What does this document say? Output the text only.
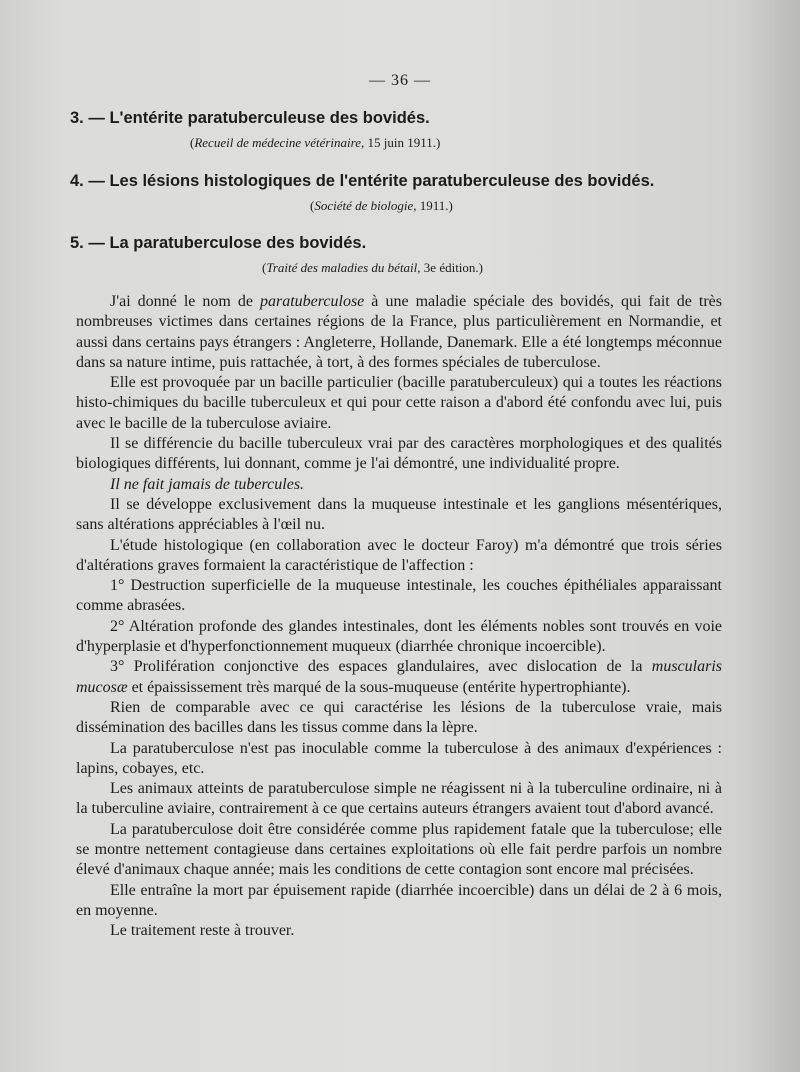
— 36 —
3. — L'entérite paratuberculeuse des bovidés.
(Recueil de médecine vétérinaire, 15 juin 1911.)
4. — Les lésions histologiques de l'entérite paratuberculeuse des bovidés.
(Société de biologie, 1911.)
5. — La paratuberculose des bovidés.
(Traité des maladies du bétail, 3e édition.)

J'ai donné le nom de paratuberculose à une maladie spéciale des bovidés, qui fait de très nombreuses victimes dans certaines régions de la France, plus particulièrement en Normandie, et aussi dans certains pays étrangers : Angleterre, Hollande, Danemark. Elle a été longtemps méconnue dans sa nature intime, puis rattachée, à tort, à des formes spéciales de tuberculose.

Elle est provoquée par un bacille particulier (bacille paratuberculeux) qui a toutes les réactions histo-chimiques du bacille tuberculeux et qui pour cette raison a d'abord été confondu avec lui, puis avec le bacille de la tuberculose aviaire.

Il se différencie du bacille tuberculeux vrai par des caractères morphologiques et des qualités biologiques différents, lui donnant, comme je l'ai démontré, une individualité propre.

Il ne fait jamais de tubercules.

Il se développe exclusivement dans la muqueuse intestinale et les ganglions mésentériques, sans altérations appréciables à l'œil nu.

L'étude histologique (en collaboration avec le docteur Faroy) m'a démontré que trois séries d'altérations graves formaient la caractéristique de l'affection :

1° Destruction superficielle de la muqueuse intestinale, les couches épithéliales apparaissant comme abrasées.

2° Altération profonde des glandes intestinales, dont les éléments nobles sont trouvés en voie d'hyperplasie et d'hyperfonctionnement muqueux (diarrhée chronique incoercible).

3° Prolifération conjonctive des espaces glandulaires, avec dislocation de la muscularis mucosæ et épaississement très marqué de la sous-muqueuse (entérite hypertrophiante).

Rien de comparable avec ce qui caractérise les lésions de la tuberculose vraie, mais dissémination des bacilles dans les tissus comme dans la lèpre.

La paratuberculose n'est pas inoculable comme la tuberculose à des animaux d'expériences : lapins, cobayes, etc.

Les animaux atteints de paratuberculose simple ne réagissent ni à la tuberculine ordinaire, ni à la tuberculine aviaire, contrairement à ce que certains auteurs étrangers avaient tout d'abord avancé.

La paratuberculose doit être considérée comme plus rapidement fatale que la tuberculose; elle se montre nettement contagieuse dans certaines exploitations où elle fait perdre parfois un nombre élevé d'animaux chaque année; mais les conditions de cette contagion sont encore mal précisées.

Elle entraîne la mort par épuisement rapide (diarrhée incoercible) dans un délai de 2 à 6 mois, en moyenne.

Le traitement reste à trouver.
